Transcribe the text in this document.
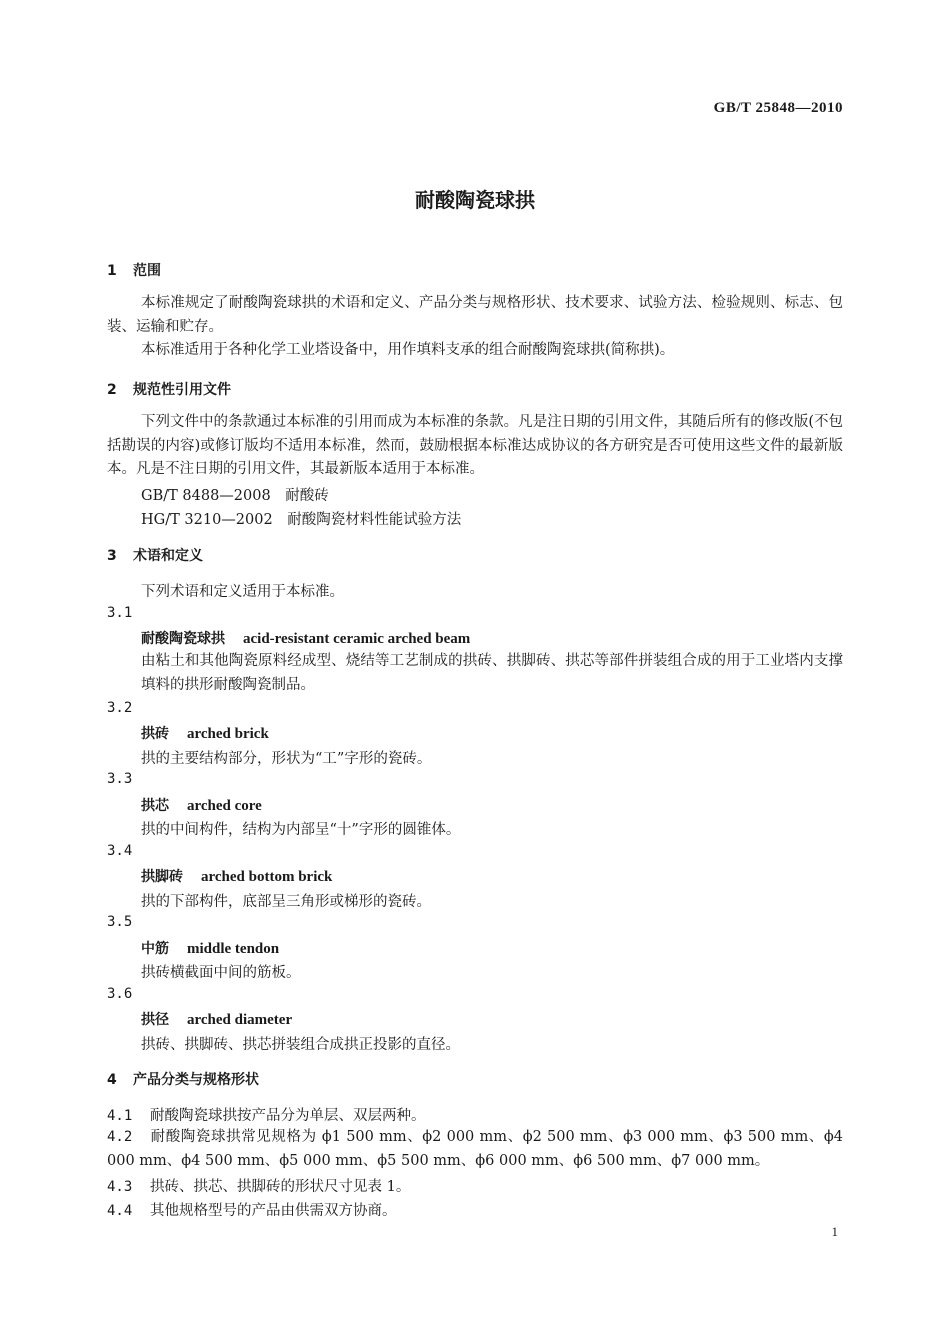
GB/T 25848—2010
耐酸陶瓷球拱
1 范围
本标准规定了耐酸陶瓷球拱的术语和定义、产品分类与规格形状、技术要求、试验方法、检验规则、标志、包装、运输和贮存。
本标准适用于各种化学工业塔设备中，用作填料支承的组合耐酸陶瓷球拱(简称拱)。
2 规范性引用文件
下列文件中的条款通过本标准的引用而成为本标准的条款。凡是注日期的引用文件，其随后所有的修改版(不包括勘误的内容)或修订版均不适用本标准，然而，鼓励根据本标准达成协议的各方研究是否可使用这些文件的最新版本。凡是不注日期的引用文件，其最新版本适用于本标准。
GB/T 8488—2008　耐酸砖
HG/T 3210—2002　耐酸陶瓷材料性能试验方法
3 术语和定义
下列术语和定义适用于本标准。
3.1
耐酸陶瓷球拱 acid-resistant ceramic arched beam
由粘土和其他陶瓷原料经成型、烧结等工艺制成的拱砖、拱脚砖、拱芯等部件拼装组合成的用于工业塔内支撑填料的拱形耐酸陶瓷制品。
3.2
拱砖 arched brick
拱的主要结构部分，形状为“工”字形的瓷砖。
3.3
拱芯 arched core
拱的中间构件，结构为内部呈“十”字形的圆锥体。
3.4
拱脚砖 arched bottom brick
拱的下部构件，底部呈三角形或梯形的瓷砖。
3.5
中筋 middle tendon
拱砖横截面中间的筋板。
3.6
拱径 arched diameter
拱砖、拱脚砖、拱芯拼装组合成拱正投影的直径。
4 产品分类与规格形状
4.1 耐酸陶瓷球拱按产品分为单层、双层两种。
4.2 耐酸陶瓷球拱常见规格为 ϕ1 500 mm、ϕ2 000 mm、ϕ2 500 mm、ϕ3 000 mm、ϕ3 500 mm、ϕ4 000 mm、ϕ4 500 mm、ϕ5 000 mm、ϕ5 500 mm、ϕ6 000 mm、ϕ6 500 mm、ϕ7 000 mm。
4.3 拱砖、拱芯、拱脚砖的形状尺寸见表 1。
4.4 其他规格型号的产品由供需双方协商。
1
